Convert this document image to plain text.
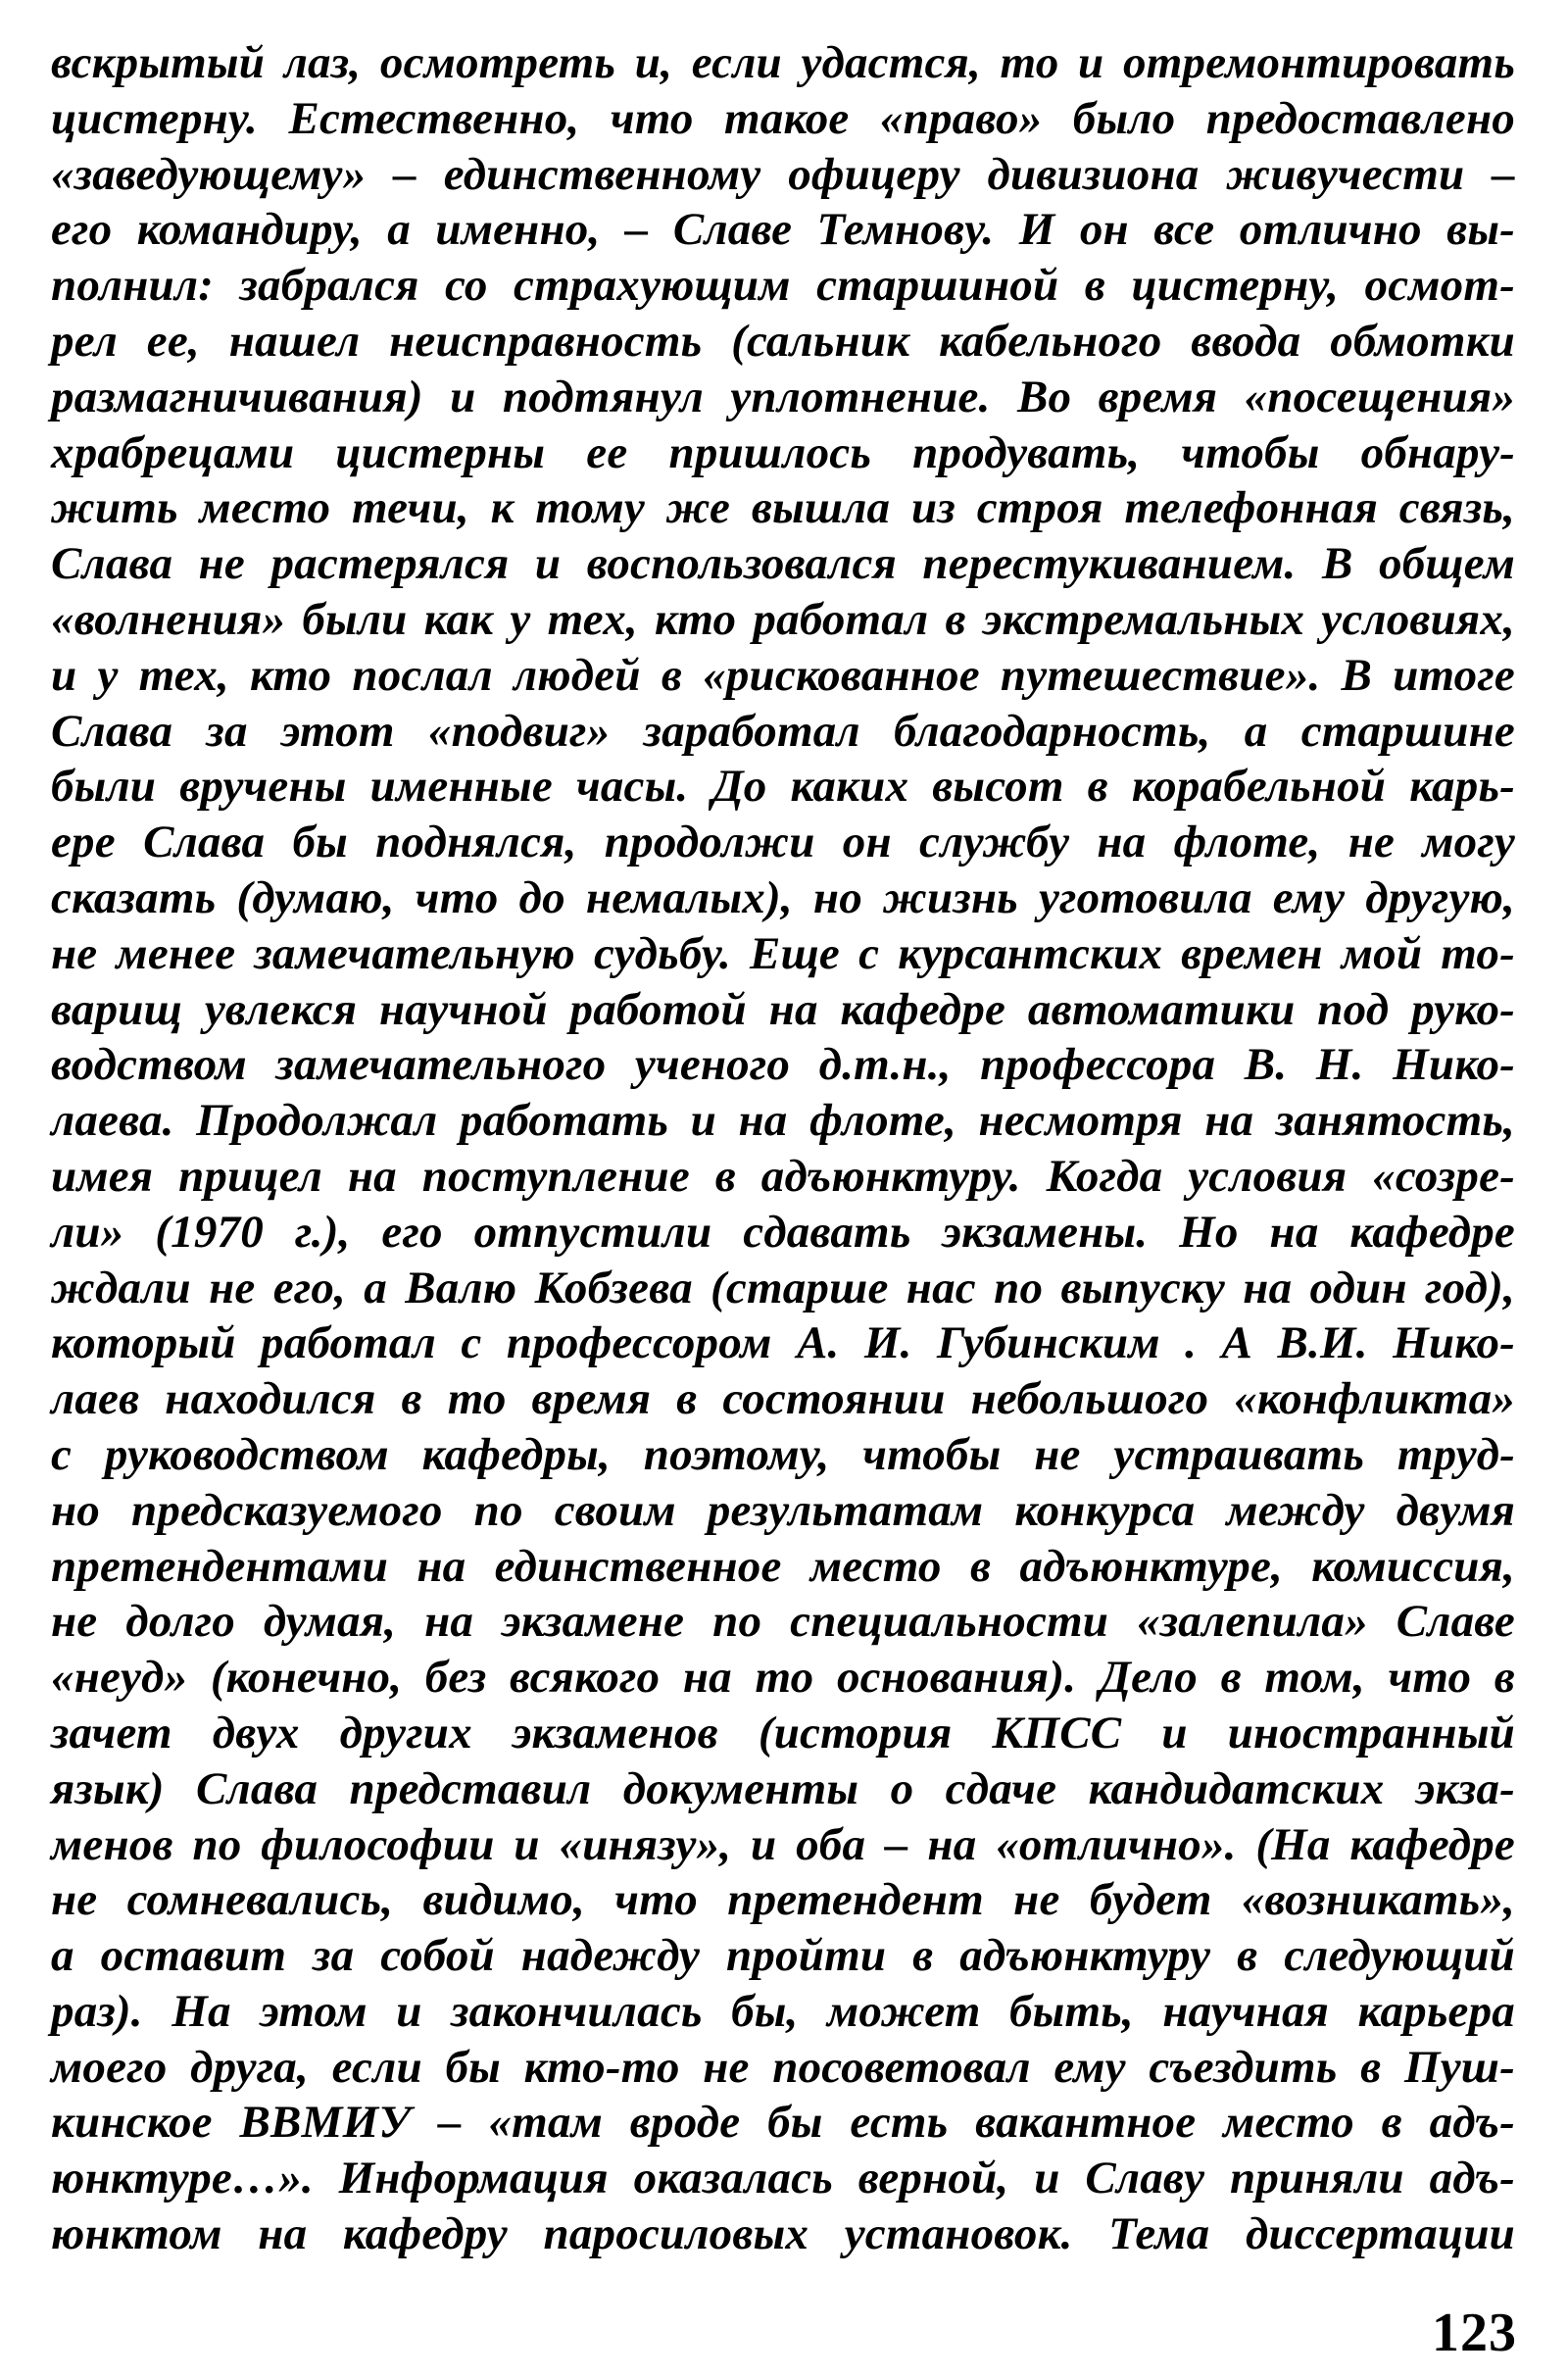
вскрытый лаз, осмотреть и, если удастся, то и отремонтировать
цистерну. Естественно, что такое «право» было предоставлено
«заведующему» – единственному офицеру дивизиона живучести –
его командиру, а именно, – Славе Темнову. И он все отлично вы-
полнил: забрался со страхующим старшиной в цистерну, осмот-
рел ее, нашел неисправность (сальник кабельного ввода обмотки
размагничивания) и подтянул уплотнение. Во время «посещения»
храбрецами цистерны ее пришлось продувать, чтобы обнару-
жить место течи, к тому же вышла из строя телефонная связь,
Слава не растерялся и воспользовался перестукиванием. В общем
«волнения» были как у тех, кто работал в экстремальных условиях,
и у тех, кто послал людей в «рискованное путешествие». В итоге
Слава за этот «подвиг» заработал благодарность, а старшине
были вручены именные часы. До каких высот в корабельной карь-
ере Слава бы поднялся, продолжи он службу на флоте, не могу
сказать (думаю, что до немалых), но жизнь уготовила ему другую,
не менее замечательную судьбу. Еще с курсантских времен мой то-
варищ увлекся научной работой на кафедре автоматики под руко-
водством замечательного ученого д.т.н., профессора В. Н. Нико-
лаева. Продолжал работать и на флоте, несмотря на занятость,
имея прицел на поступление в адъюнктуру. Когда условия «созре-
ли» (1970 г.), его отпустили сдавать экзамены. Но на кафедре
ждали не его, а Валю Кобзева (старше нас по выпуску на один год),
который работал с профессором А. И. Губинским . А В.И. Нико-
лаев находился в то время в состоянии небольшого «конфликта»
с руководством кафедры, поэтому, чтобы не устраивать труд-
но предсказуемого по своим результатам конкурса между двумя
претендентами на единственное место в адъюнктуре, комиссия,
не долго думая, на экзамене по специальности «залепила» Славе
«неуд» (конечно, без всякого на то основания). Дело в том, что в
зачет двух других экзаменов (история КПСС и иностранный
язык) Слава представил документы о сдаче кандидатских экза-
менов по философии и «инязу», и оба – на «отлично». (На кафедре
не сомневались, видимо, что претендент не будет «возникать»,
а оставит за собой надежду пройти в адъюнктуру в следующий
раз). На этом и закончилась бы, может быть, научная карьера
моего друга, если бы кто-то не посоветовал ему съездить в Пуш-
кинское ВВМИУ – «там вроде бы есть вакантное место в адъ-
юнктуре…». Информация оказалась верной, и Славу приняли адъ-
юнктом на кафедру паросиловых установок. Тема диссертации
123
